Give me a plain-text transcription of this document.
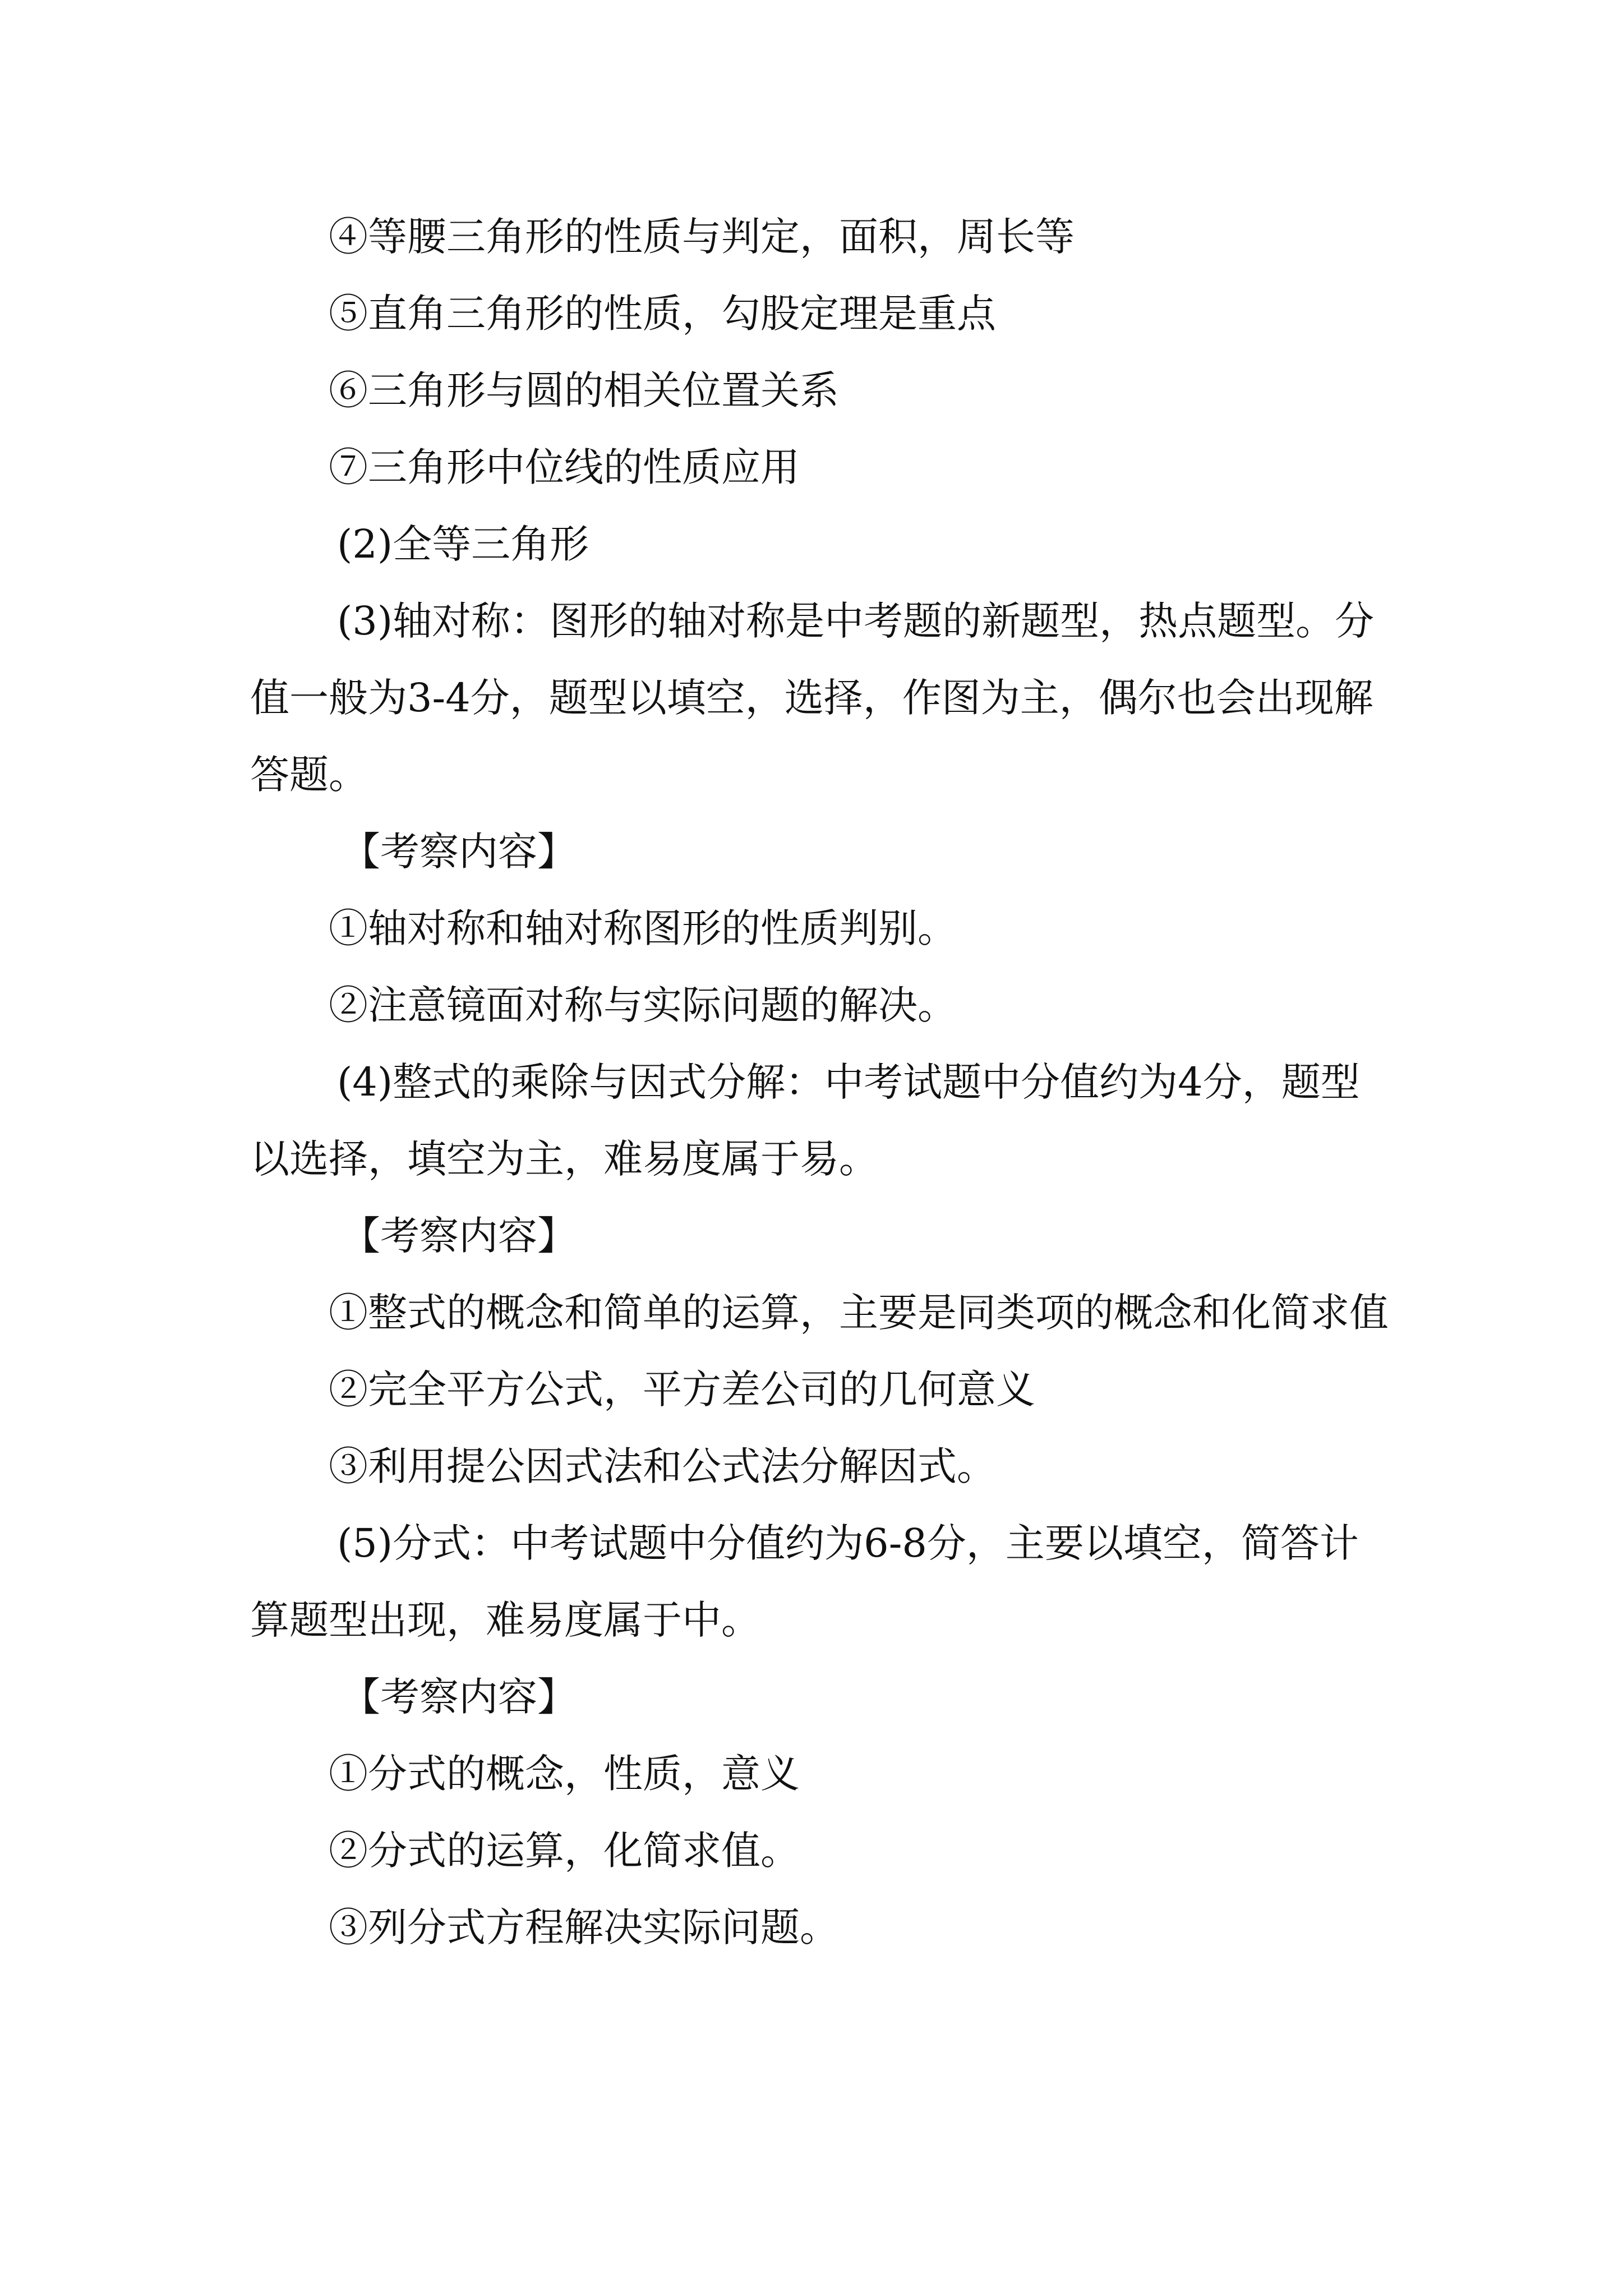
④等腰三角形的性质与判定，面积，周长等

⑤直角三角形的性质，勾股定理是重点

⑥三角形与圆的相关位置关系

⑦三角形中位线的性质应用

(2)全等三角形

(3)轴对称：图形的轴对称是中考题的新题型，热点题型。分值一般为3-4分，题型以填空，选择，作图为主，偶尔也会出现解答题。

【考察内容】

①轴对称和轴对称图形的性质判别。

②注意镜面对称与实际问题的解决。

(4)整式的乘除与因式分解：中考试题中分值约为4分，题型以选择，填空为主，难易度属于易。

【考察内容】

①整式的概念和简单的运算，主要是同类项的概念和化简求值

②完全平方公式，平方差公司的几何意义

③利用提公因式法和公式法分解因式。

(5)分式：中考试题中分值约为6-8分，主要以填空，简答计算题型出现，难易度属于中。

【考察内容】

①分式的概念，性质，意义

②分式的运算，化简求值。

③列分式方程解决实际问题。
